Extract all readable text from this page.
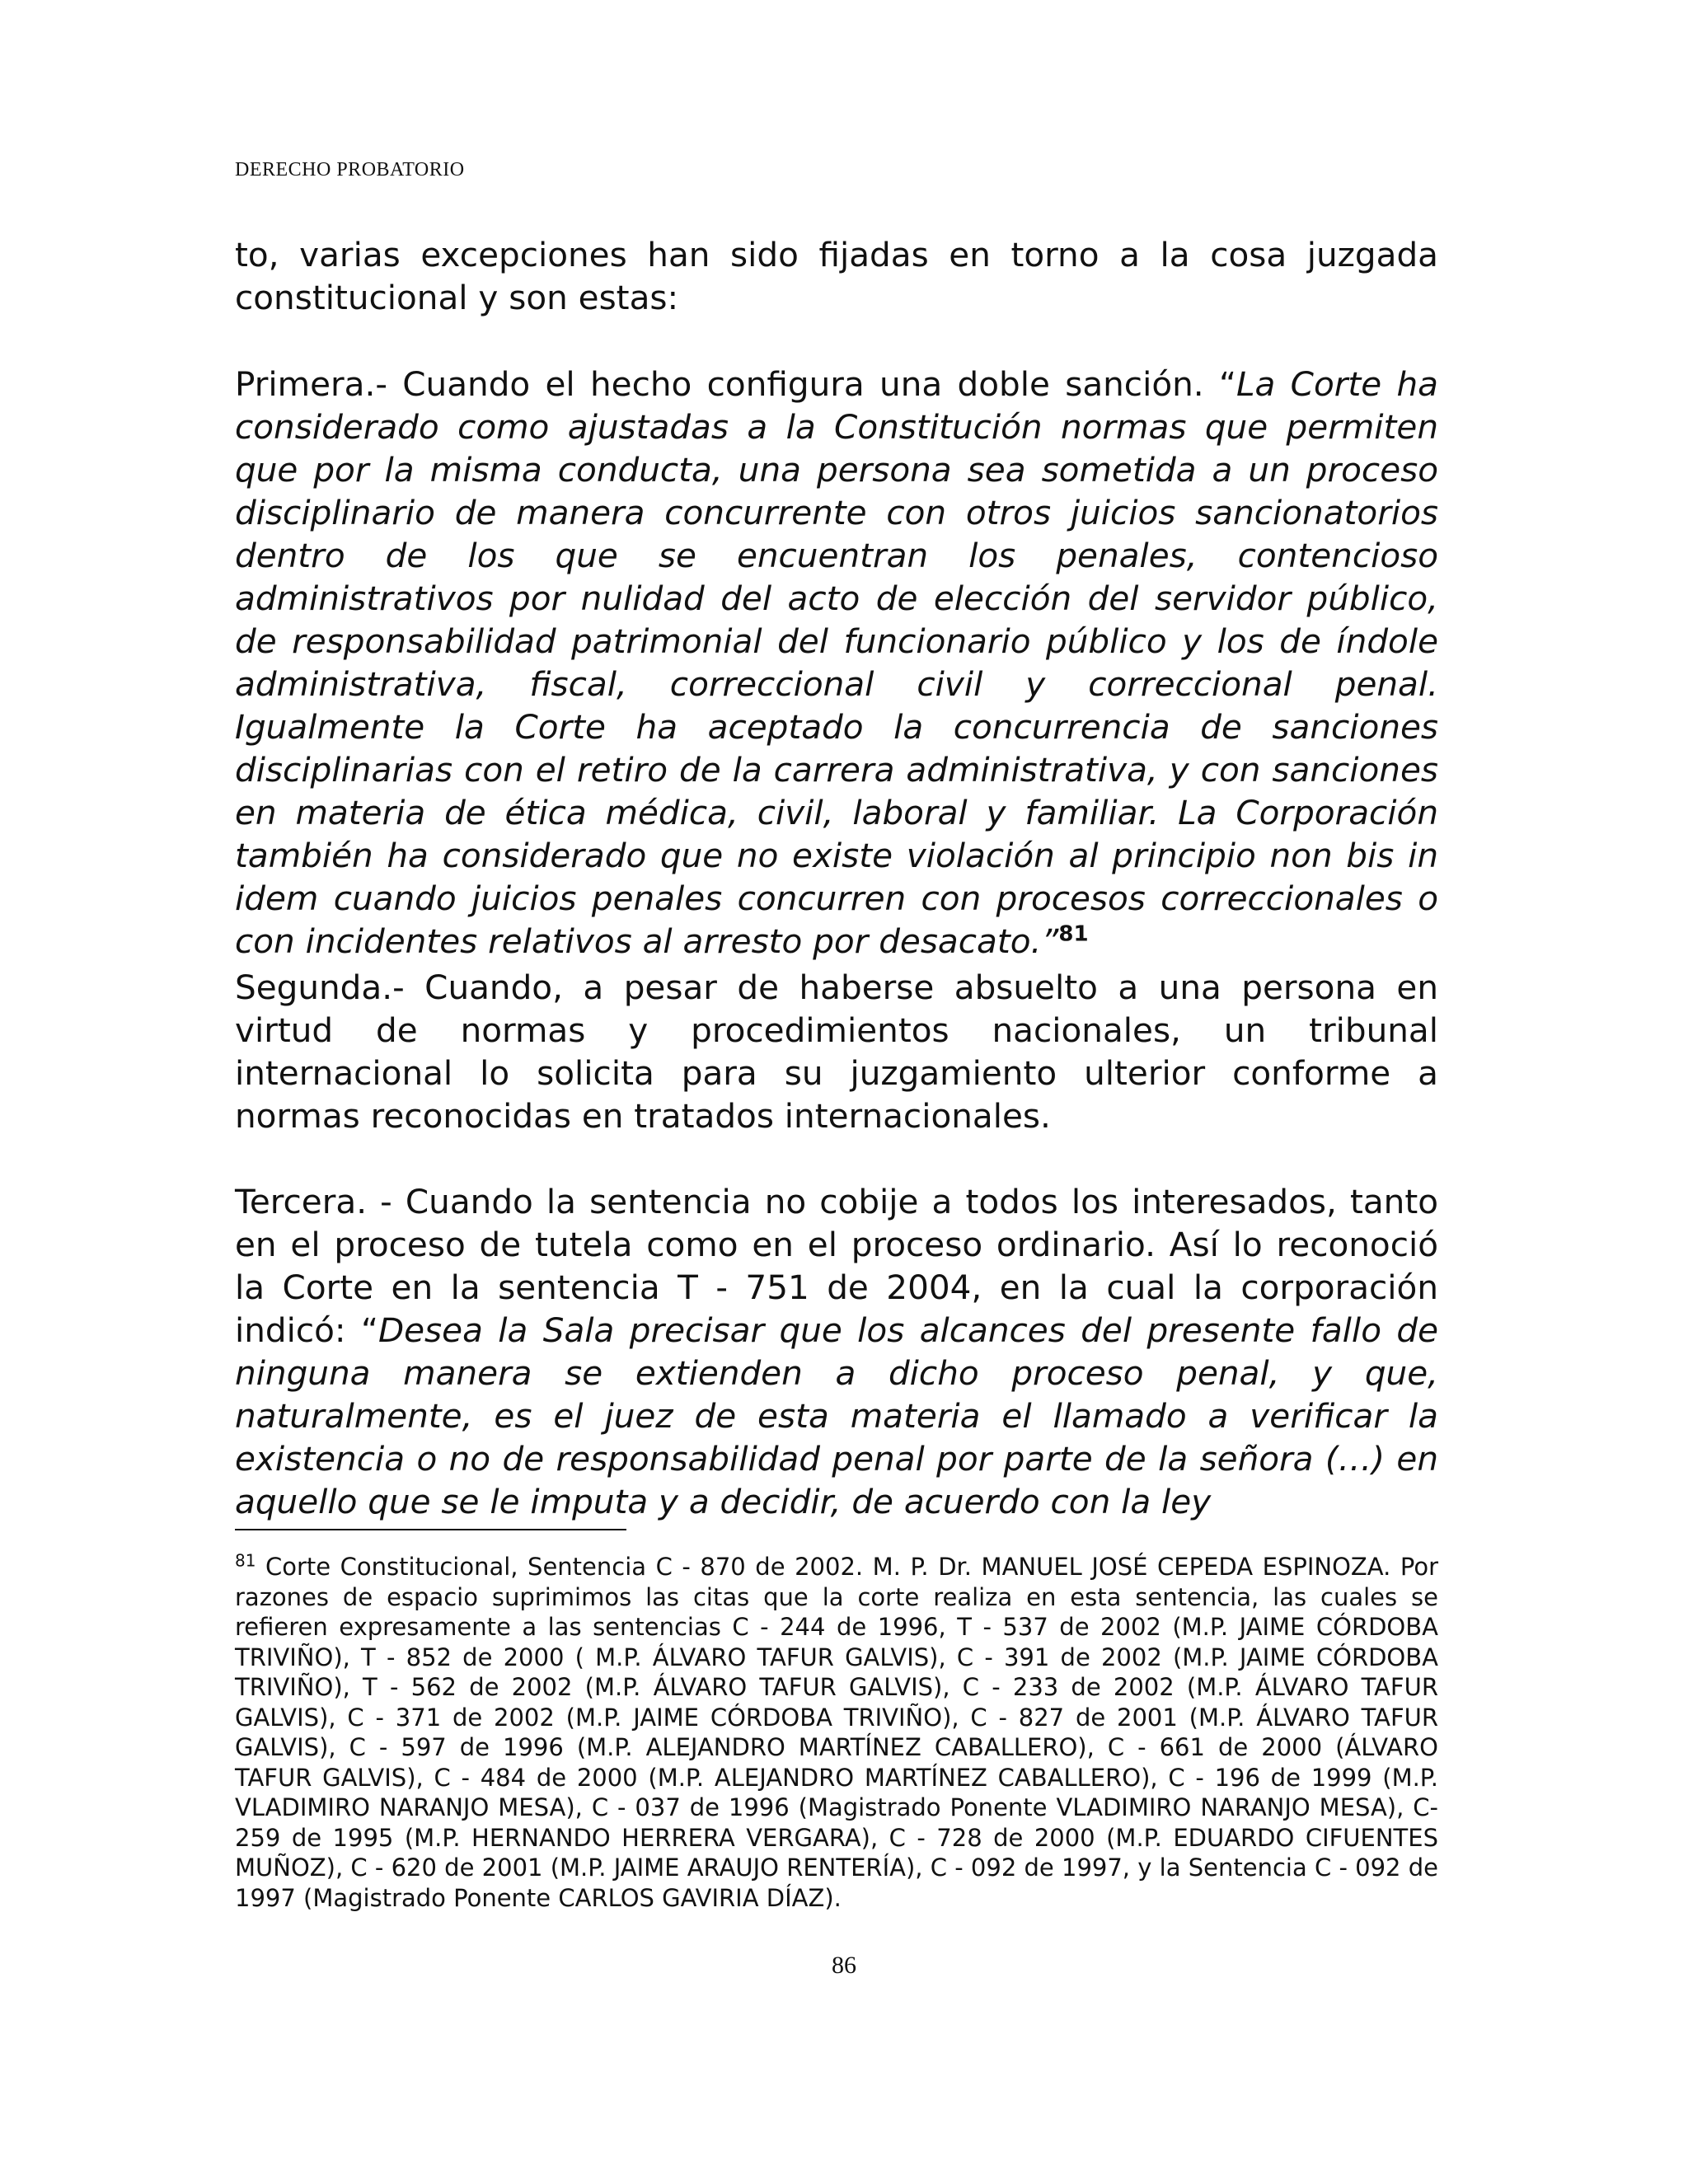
DERECHO PROBATORIO

to, varias excepciones han sido fijadas en torno a la cosa juzgada constitucional y son estas:

Primera.- Cuando el hecho configura una doble sanción. “La Corte ha considerado como ajustadas a la Constitución normas que permiten que por la misma conducta, una persona sea sometida a un proceso disciplinario de manera concurrente con otros juicios sancionatorios dentro de los que se encuentran los penales, contencioso administrativos por nulidad del acto de elección del servidor público, de responsabilidad patrimonial del funcionario público y los de índole administrativa, fiscal, correccional civil y correccional penal. Igualmente la Corte ha aceptado la concurrencia de sanciones disciplinarias con el retiro de la carrera administrativa, y con sanciones en materia de ética médica, civil, laboral y familiar. La Corporación también ha considerado que no existe violación al principio non bis in idem cuando juicios penales concurren con procesos correccionales o con incidentes relativos al arresto por desacato.”$^{81}$

Segunda.- Cuando, a pesar de haberse absuelto a una persona en virtud de normas y procedimientos nacionales, un tribunal internacional lo solicita para su juzgamiento ulterior conforme a normas reconocidas en tratados internacionales.

Tercera. - Cuando la sentencia no cobije a todos los interesados, tanto en el proceso de tutela como en el proceso ordinario. Así lo reconoció la Corte en la sentencia T - 751 de 2004, en la cual la corporación indicó: “Desea la Sala precisar que los alcances del presente fallo de ninguna manera se extienden a dicho proceso penal, y que, naturalmente, es el juez de esta materia el llamado a verificar la existencia o no de responsabilidad penal por parte de la señora (…) en aquello que se le imputa y a decidir, de acuerdo con la ley

$^{81}$ Corte Constitucional, Sentencia C - 870 de 2002. M. P. Dr. MANUEL JOSÉ CEPEDA ESPINOZA. Por razones de espacio suprimimos las citas que la corte realiza en esta sentencia, las cuales se refieren expresamente a las sentencias C - 244 de 1996, T - 537 de 2002 (M.P. JAIME CÓRDOBA TRIVIÑO), T - 852 de 2000 ( M.P. ÁLVARO TAFUR GALVIS), C - 391 de 2002 (M.P. JAIME CÓRDOBA TRIVIÑO), T - 562 de 2002 (M.P. ÁLVARO TAFUR GALVIS), C - 233 de 2002 (M.P. ÁLVARO TAFUR GALVIS), C - 371 de 2002 (M.P. JAIME CÓRDOBA TRIVIÑO), C - 827 de 2001 (M.P. ÁLVARO TAFUR GALVIS), C - 597 de 1996 (M.P. ALEJANDRO MARTÍNEZ CABALLERO), C - 661 de 2000 (ÁLVARO TAFUR GALVIS), C - 484 de 2000 (M.P. ALEJANDRO MARTÍNEZ CABALLERO), C - 196 de 1999 (M.P. VLADIMIRO NARANJO MESA), C - 037 de 1996 (Magistrado Ponente VLADIMIRO NARANJO MESA), C-259 de 1995 (M.P. HERNANDO HERRERA VERGARA), C - 728 de 2000 (M.P. EDUARDO CIFUENTES MUÑOZ), C - 620 de 2001 (M.P. JAIME ARAUJO RENTERÍA), C - 092 de 1997, y la Sentencia C - 092 de 1997 (Magistrado Ponente CARLOS GAVIRIA DÍAZ).

86
